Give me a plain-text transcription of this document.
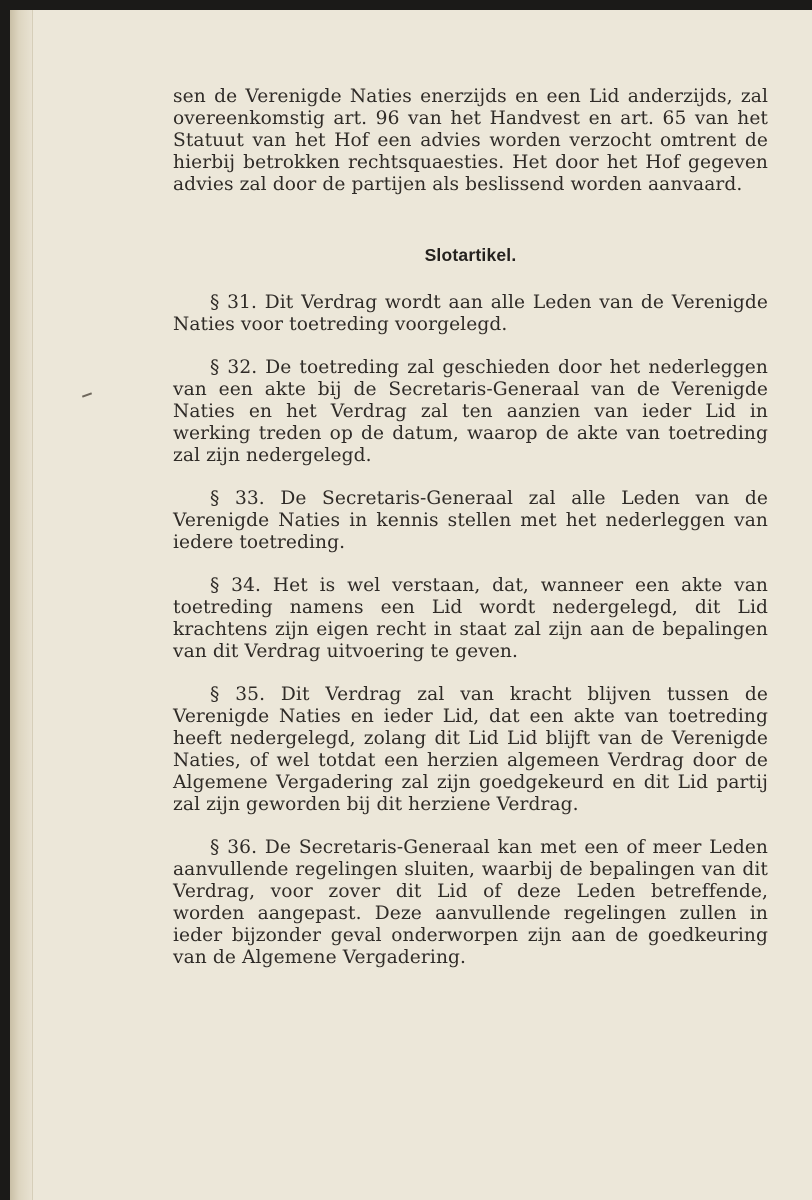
sen de Verenigde Naties enerzijds en een Lid anderzijds, zal overeenkomstig art. 96 van het Handvest en art. 65 van het Statuut van het Hof een advies worden verzocht omtrent de hierbij betrokken rechtsquaesties. Het door het Hof gegeven advies zal door de partijen als beslissend worden aanvaard.

Slotartikel.

§ 31. Dit Verdrag wordt aan alle Leden van de Verenigde Naties voor toetreding voorgelegd.

§ 32. De toetreding zal geschieden door het nederleggen van een akte bij de Secretaris-Generaal van de Verenigde Naties en het Verdrag zal ten aanzien van ieder Lid in werking treden op de datum, waarop de akte van toetreding zal zijn nedergelegd.

§ 33. De Secretaris-Generaal zal alle Leden van de Verenigde Naties in kennis stellen met het nederleggen van iedere toetreding.

§ 34. Het is wel verstaan, dat, wanneer een akte van toetreding namens een Lid wordt nedergelegd, dit Lid krachtens zijn eigen recht in staat zal zijn aan de bepalingen van dit Verdrag uitvoering te geven.

§ 35. Dit Verdrag zal van kracht blijven tussen de Verenigde Naties en ieder Lid, dat een akte van toetreding heeft nedergelegd, zolang dit Lid Lid blijft van de Verenigde Naties, of wel totdat een herzien algemeen Verdrag door de Algemene Vergadering zal zijn goedgekeurd en dit Lid partij zal zijn geworden bij dit herziene Verdrag.

§ 36. De Secretaris-Generaal kan met een of meer Leden aanvullende regelingen sluiten, waarbij de bepalingen van dit Verdrag, voor zover dit Lid of deze Leden betreffende, worden aangepast. Deze aanvullende regelingen zullen in ieder bijzonder geval onderworpen zijn aan de goedkeuring van de Algemene Vergadering.
